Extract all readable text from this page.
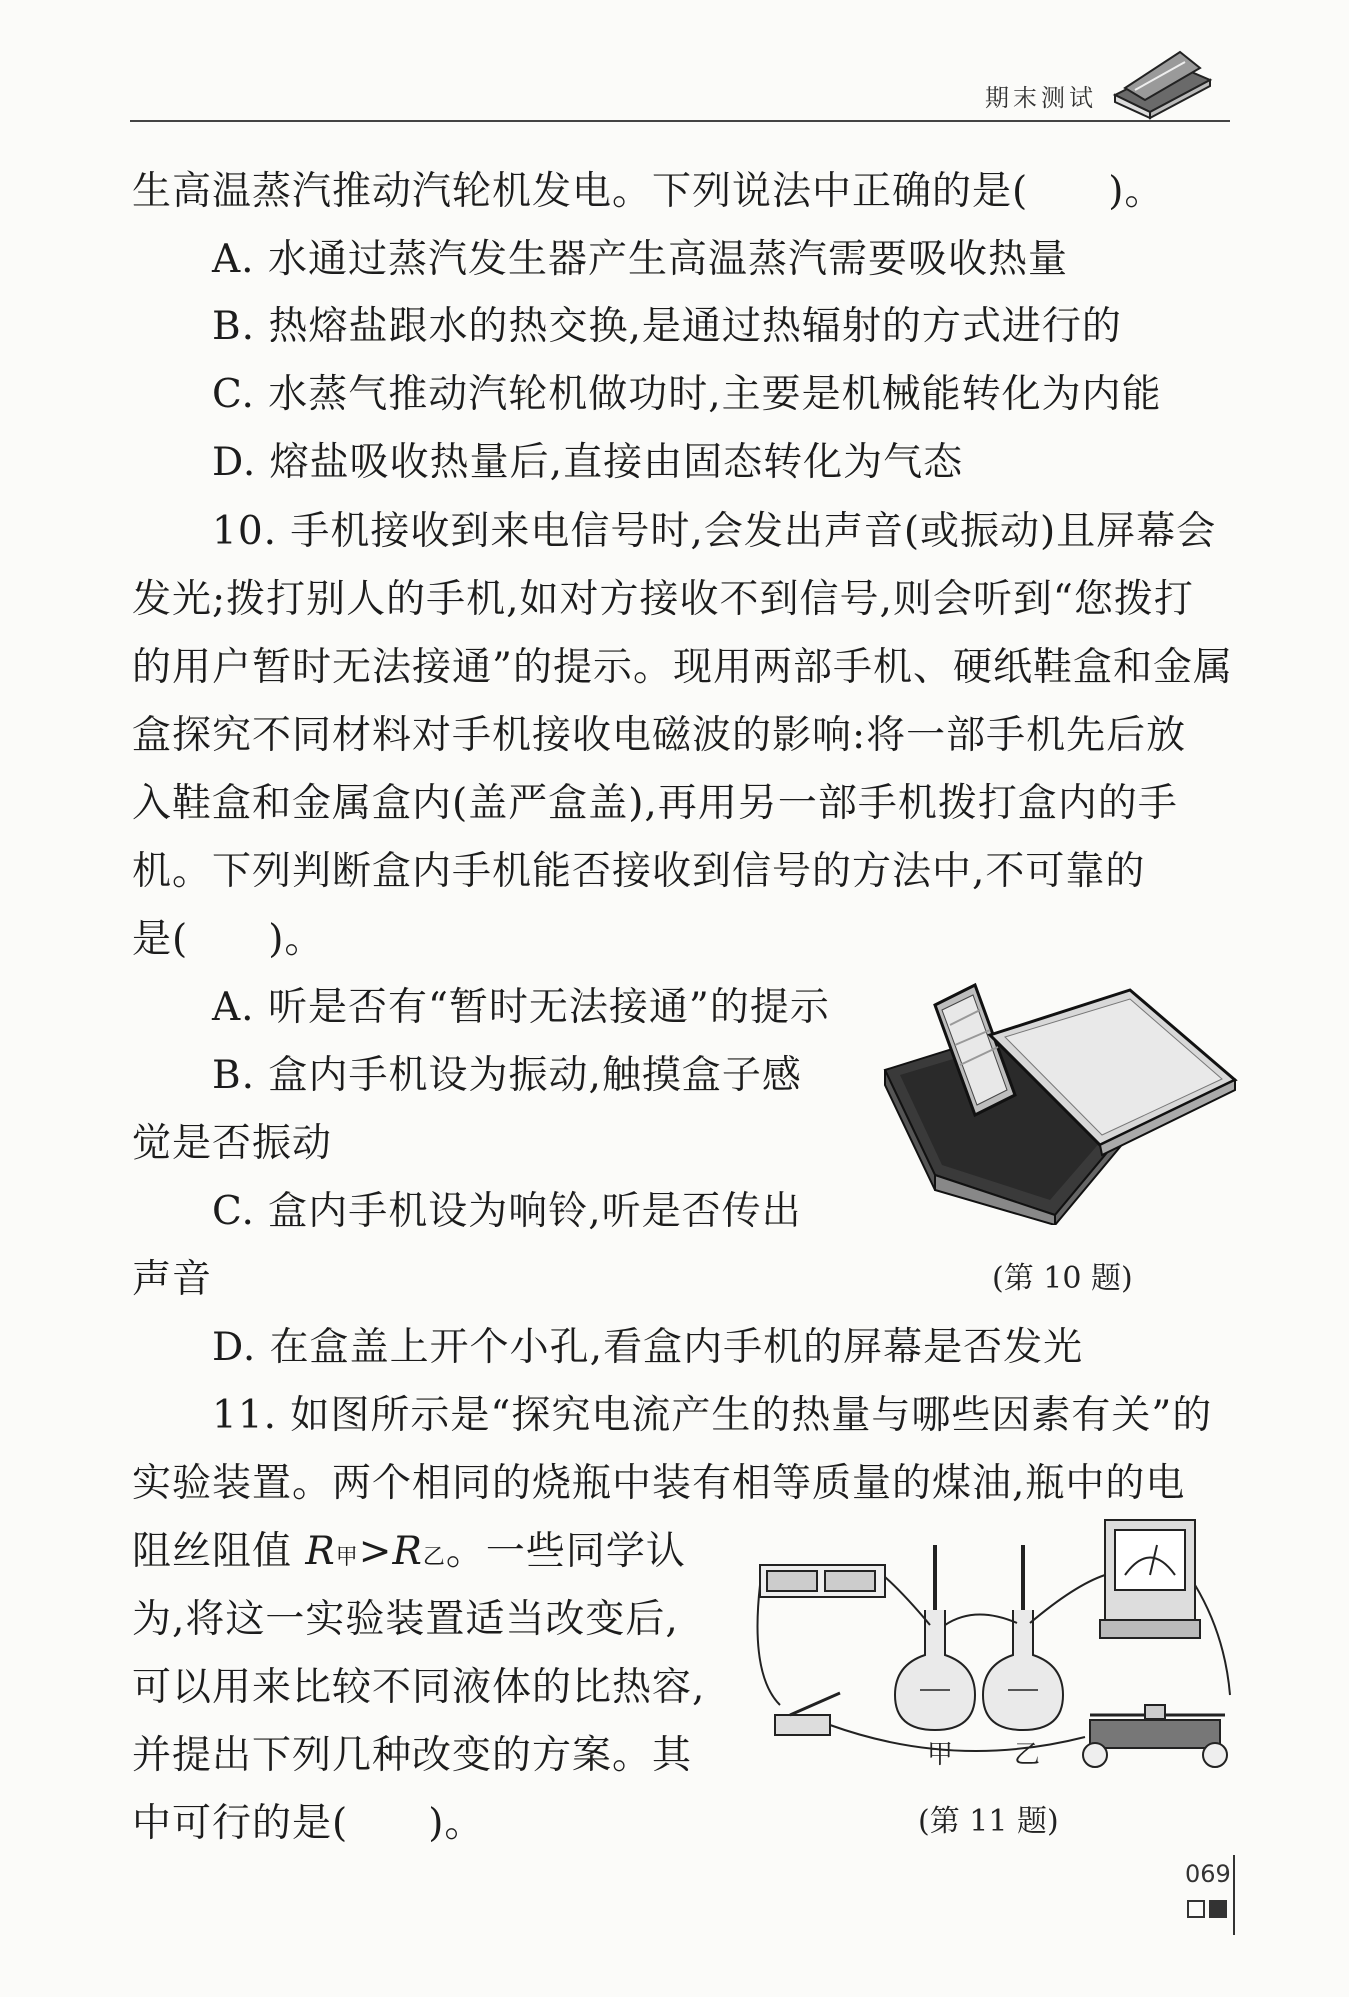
期末测试
生高温蒸汽推动汽轮机发电。下列说法中正确的是(　　)。
A. 水通过蒸汽发生器产生高温蒸汽需要吸收热量
B. 热熔盐跟水的热交换,是通过热辐射的方式进行的
C. 水蒸气推动汽轮机做功时,主要是机械能转化为内能
D. 熔盐吸收热量后,直接由固态转化为气态
10. 手机接收到来电信号时,会发出声音(或振动)且屏幕会
发光;拨打别人的手机,如对方接收不到信号,则会听到“您拨打
的用户暂时无法接通”的提示。现用两部手机、硬纸鞋盒和金属
盒探究不同材料对手机接收电磁波的影响:将一部手机先后放
入鞋盒和金属盒内(盖严盒盖),再用另一部手机拨打盒内的手
机。下列判断盒内手机能否接收到信号的方法中,不可靠的
是(　　)。
A. 听是否有“暂时无法接通”的提示
B. 盒内手机设为振动,触摸盒子感
觉是否振动
C. 盒内手机设为响铃,听是否传出
声音
D. 在盒盖上开个小孔,看盒内手机的屏幕是否发光
(第 10 题)
11. 如图所示是“探究电流产生的热量与哪些因素有关”的
实验装置。两个相同的烧瓶中装有相等质量的煤油,瓶中的电
阻丝阻值 R甲>R乙。一些同学认
为,将这一实验装置适当改变后,
可以用来比较不同液体的比热容,
并提出下列几种改变的方案。其
中可行的是(　　)。
甲 乙
(第 11 题)
069
